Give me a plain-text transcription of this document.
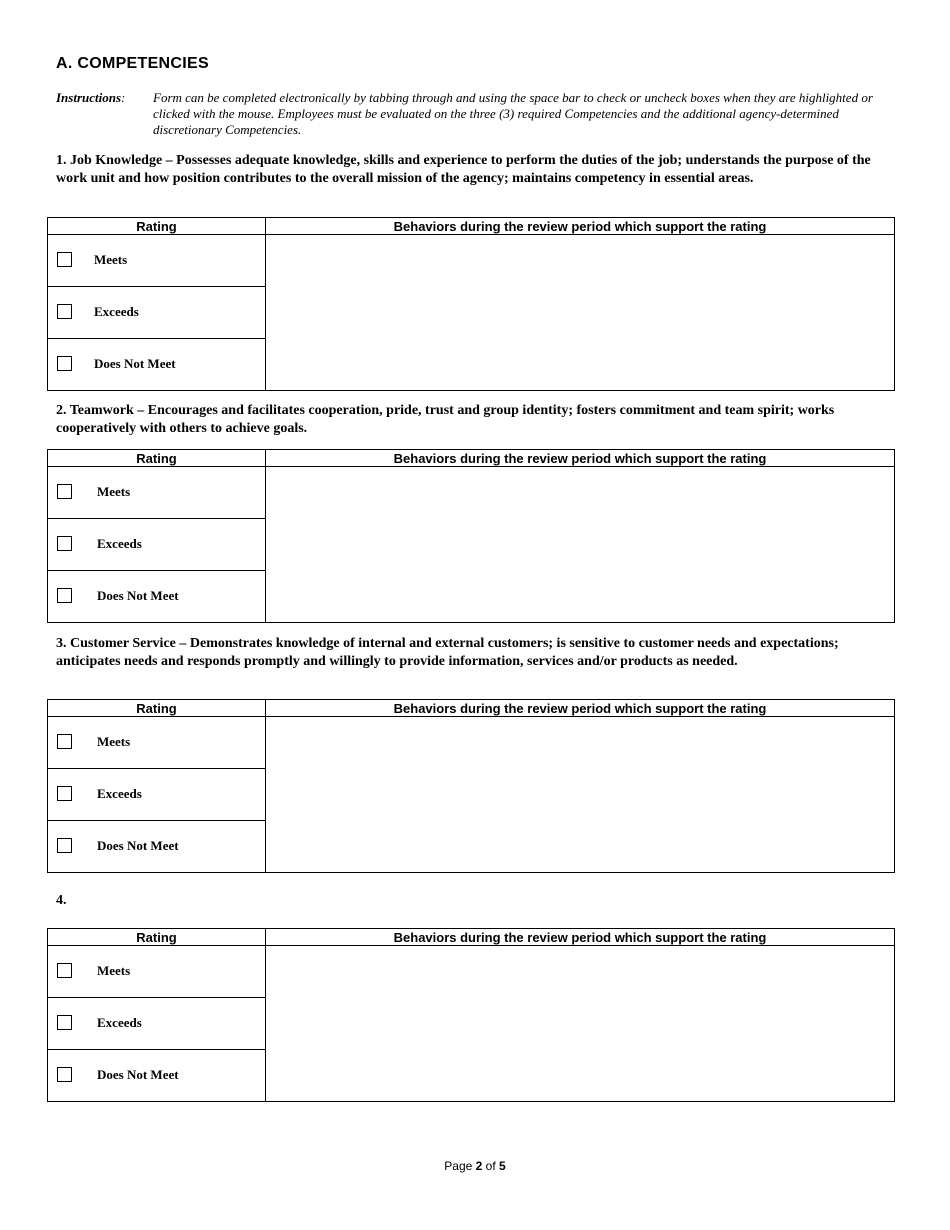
A. COMPETENCIES
Instructions: Form can be completed electronically by tabbing through and using the space bar to check or uncheck boxes when they are highlighted or clicked with the mouse. Employees must be evaluated on the three (3) required Competencies and the additional agency-determined discretionary Competencies.
1. Job Knowledge – Possesses adequate knowledge, skills and experience to perform the duties of the job; understands the purpose of the work unit and how position contributes to the overall mission of the agency; maintains competency in essential areas.
Rating	Behaviors during the review period which support the rating

Meets	

Exceeds	

Does Not Meet	
2. Teamwork – Encourages and facilitates cooperation, pride, trust and group identity; fosters commitment and team spirit; works cooperatively with others to achieve goals.
Rating	Behaviors during the review period which support the rating

Meets	

Exceeds	

Does Not Meet	
3. Customer Service – Demonstrates knowledge of internal and external customers; is sensitive to customer needs and expectations; anticipates needs and responds promptly and willingly to provide information, services and/or products as needed.
Rating	Behaviors during the review period which support the rating

Meets	

Exceeds	

Does Not Meet	
4.
Rating	Behaviors during the review period which support the rating

Meets	

Exceeds	

Does Not Meet	
Page 2 of 5
